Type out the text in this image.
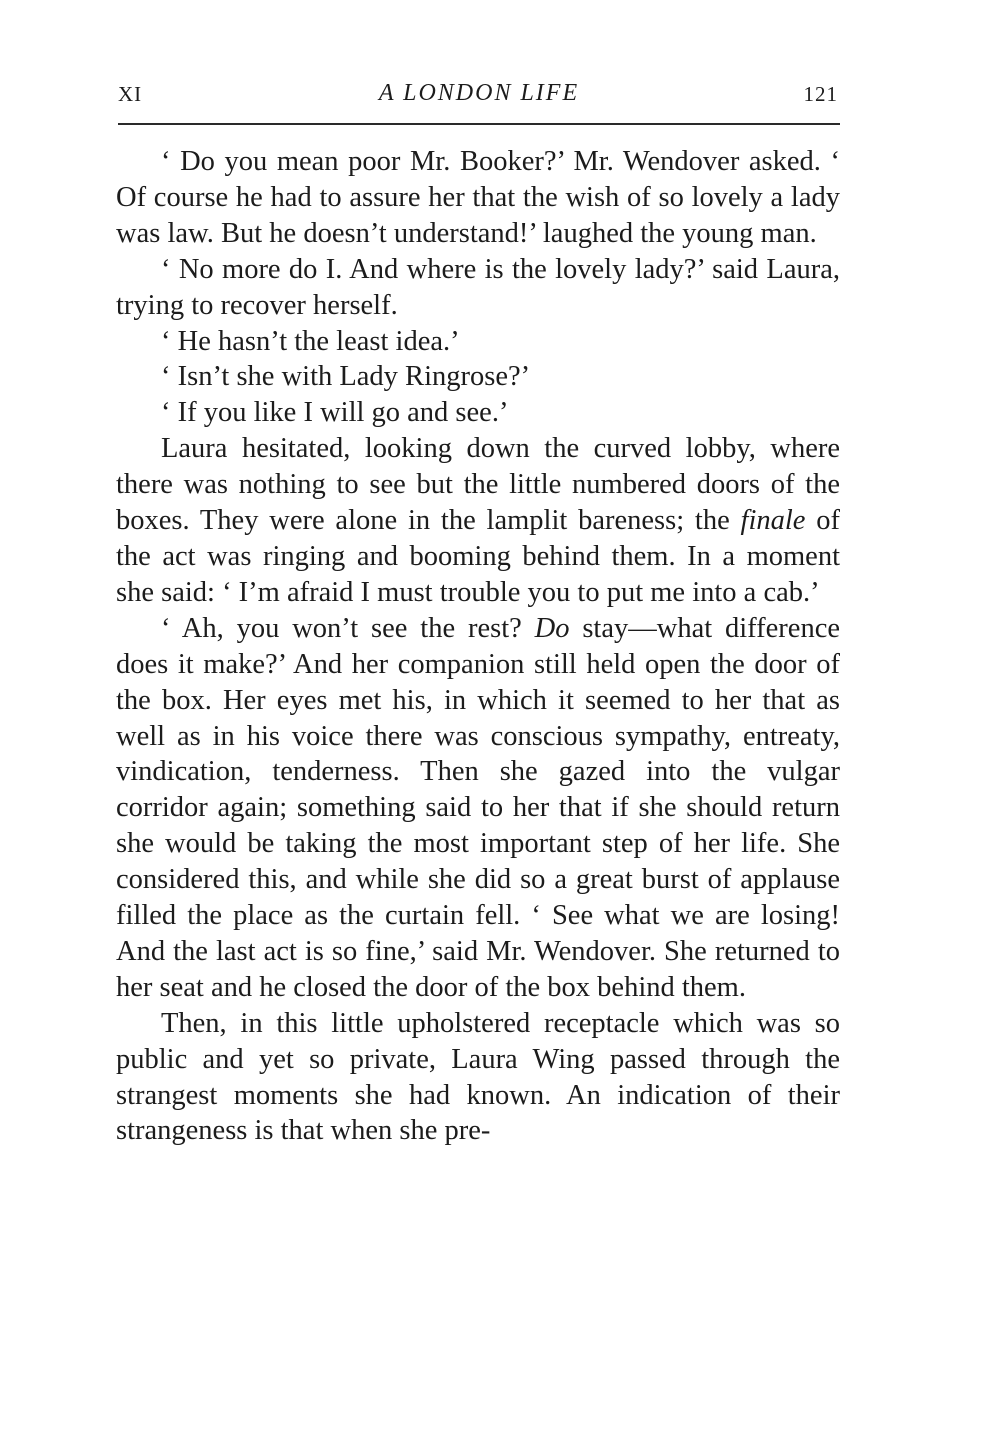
XI	A LONDON LIFE	121

‘ Do you mean poor Mr. Booker?’ Mr. Wendover asked. ‘ Of course he had to assure her that the wish of so lovely a lady was law. But he doesn’t understand!’ laughed the young man.

‘ No more do I. And where is the lovely lady?’ said Laura, trying to recover herself.

‘ He hasn’t the least idea.’

‘ Isn’t she with Lady Ringrose?’

‘ If you like I will go and see.’

Laura hesitated, looking down the curved lobby, where there was nothing to see but the little numbered doors of the boxes. They were alone in the lamplit bareness; the finale of the act was ringing and booming behind them. In a moment she said: ‘ I’m afraid I must trouble you to put me into a cab.’

‘ Ah, you won’t see the rest? Do stay—what difference does it make?’ And her companion still held open the door of the box. Her eyes met his, in which it seemed to her that as well as in his voice there was conscious sympathy, entreaty, vindication, tenderness. Then she gazed into the vulgar corridor again; something said to her that if she should return she would be taking the most important step of her life. She considered this, and while she did so a great burst of applause filled the place as the curtain fell. ‘ See what we are losing! And the last act is so fine,’ said Mr. Wendover. She returned to her seat and he closed the door of the box behind them.

Then, in this little upholstered receptacle which was so public and yet so private, Laura Wing passed through the strangest moments she had known. An indication of their strangeness is that when she pre-
